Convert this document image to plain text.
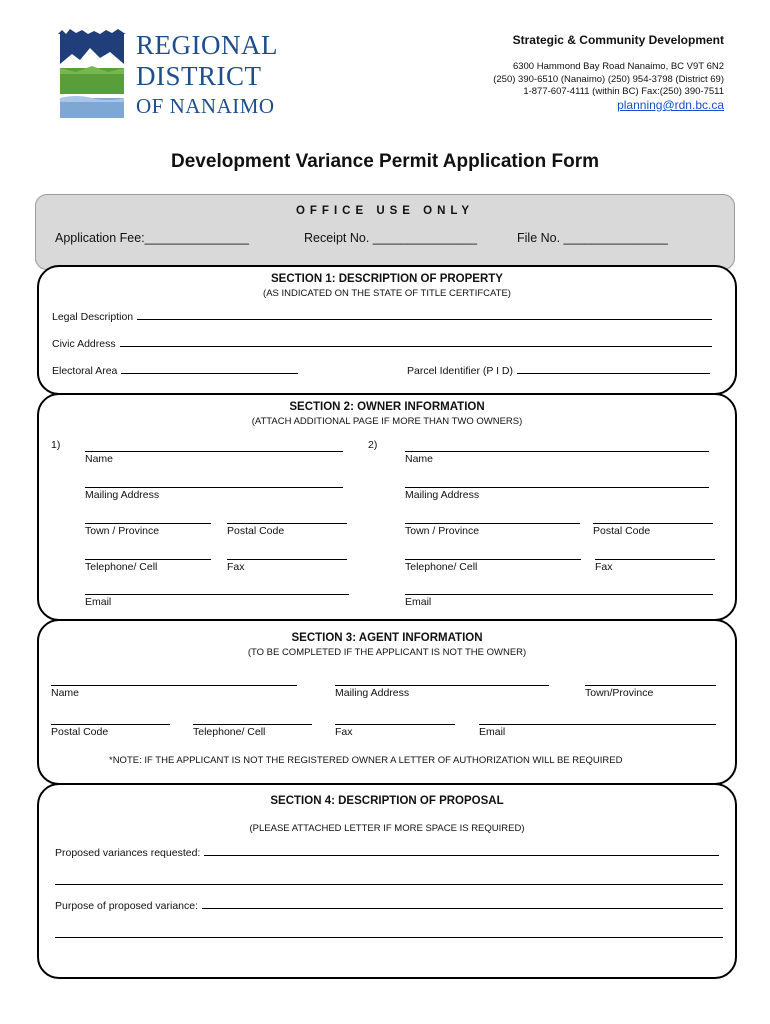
REGIONAL
DISTRICT
OF NANAIMO
Strategic & Community Development
6300 Hammond Bay Road Nanaimo, BC V9T 6N2
(250) 390-6510 (Nanaimo) (250) 954-3798 (District 69)
1-877-607-4111 (within BC) Fax:(250) 390-7511
planning@rdn.bc.ca
Development Variance Permit Application Form
OFFICE USE ONLY
Application Fee:_______________	Receipt No. _______________	File No. _______________
SECTION 1: DESCRIPTION OF PROPERTY
(AS INDICATED ON THE STATE OF TITLE CERTIFCATE)
Legal Description
Civic Address
Electoral Area	Parcel Identifier (P I D)
SECTION 2: OWNER INFORMATION
(ATTACH ADDITIONAL PAGE IF MORE THAN TWO OWNERS)
1)	2)
Name
Mailing Address
Town / Province	Postal Code
Telephone/ Cell	Fax
Email
Name
Mailing Address
Town / Province	Postal Code
Telephone/ Cell	Fax
Email
SECTION 3: AGENT INFORMATION
(TO BE COMPLETED IF THE APPLICANT IS NOT THE OWNER)
Name	Mailing Address	Town/Province
Postal Code	Telephone/ Cell	Fax	Email
*NOTE: IF THE APPLICANT IS NOT THE REGISTERED OWNER A LETTER OF AUTHORIZATION WILL BE REQUIRED
SECTION 4: DESCRIPTION OF PROPOSAL
(PLEASE ATTACHED LETTER IF MORE SPACE IS REQUIRED)
Proposed variances requested:
Purpose of proposed variance:
